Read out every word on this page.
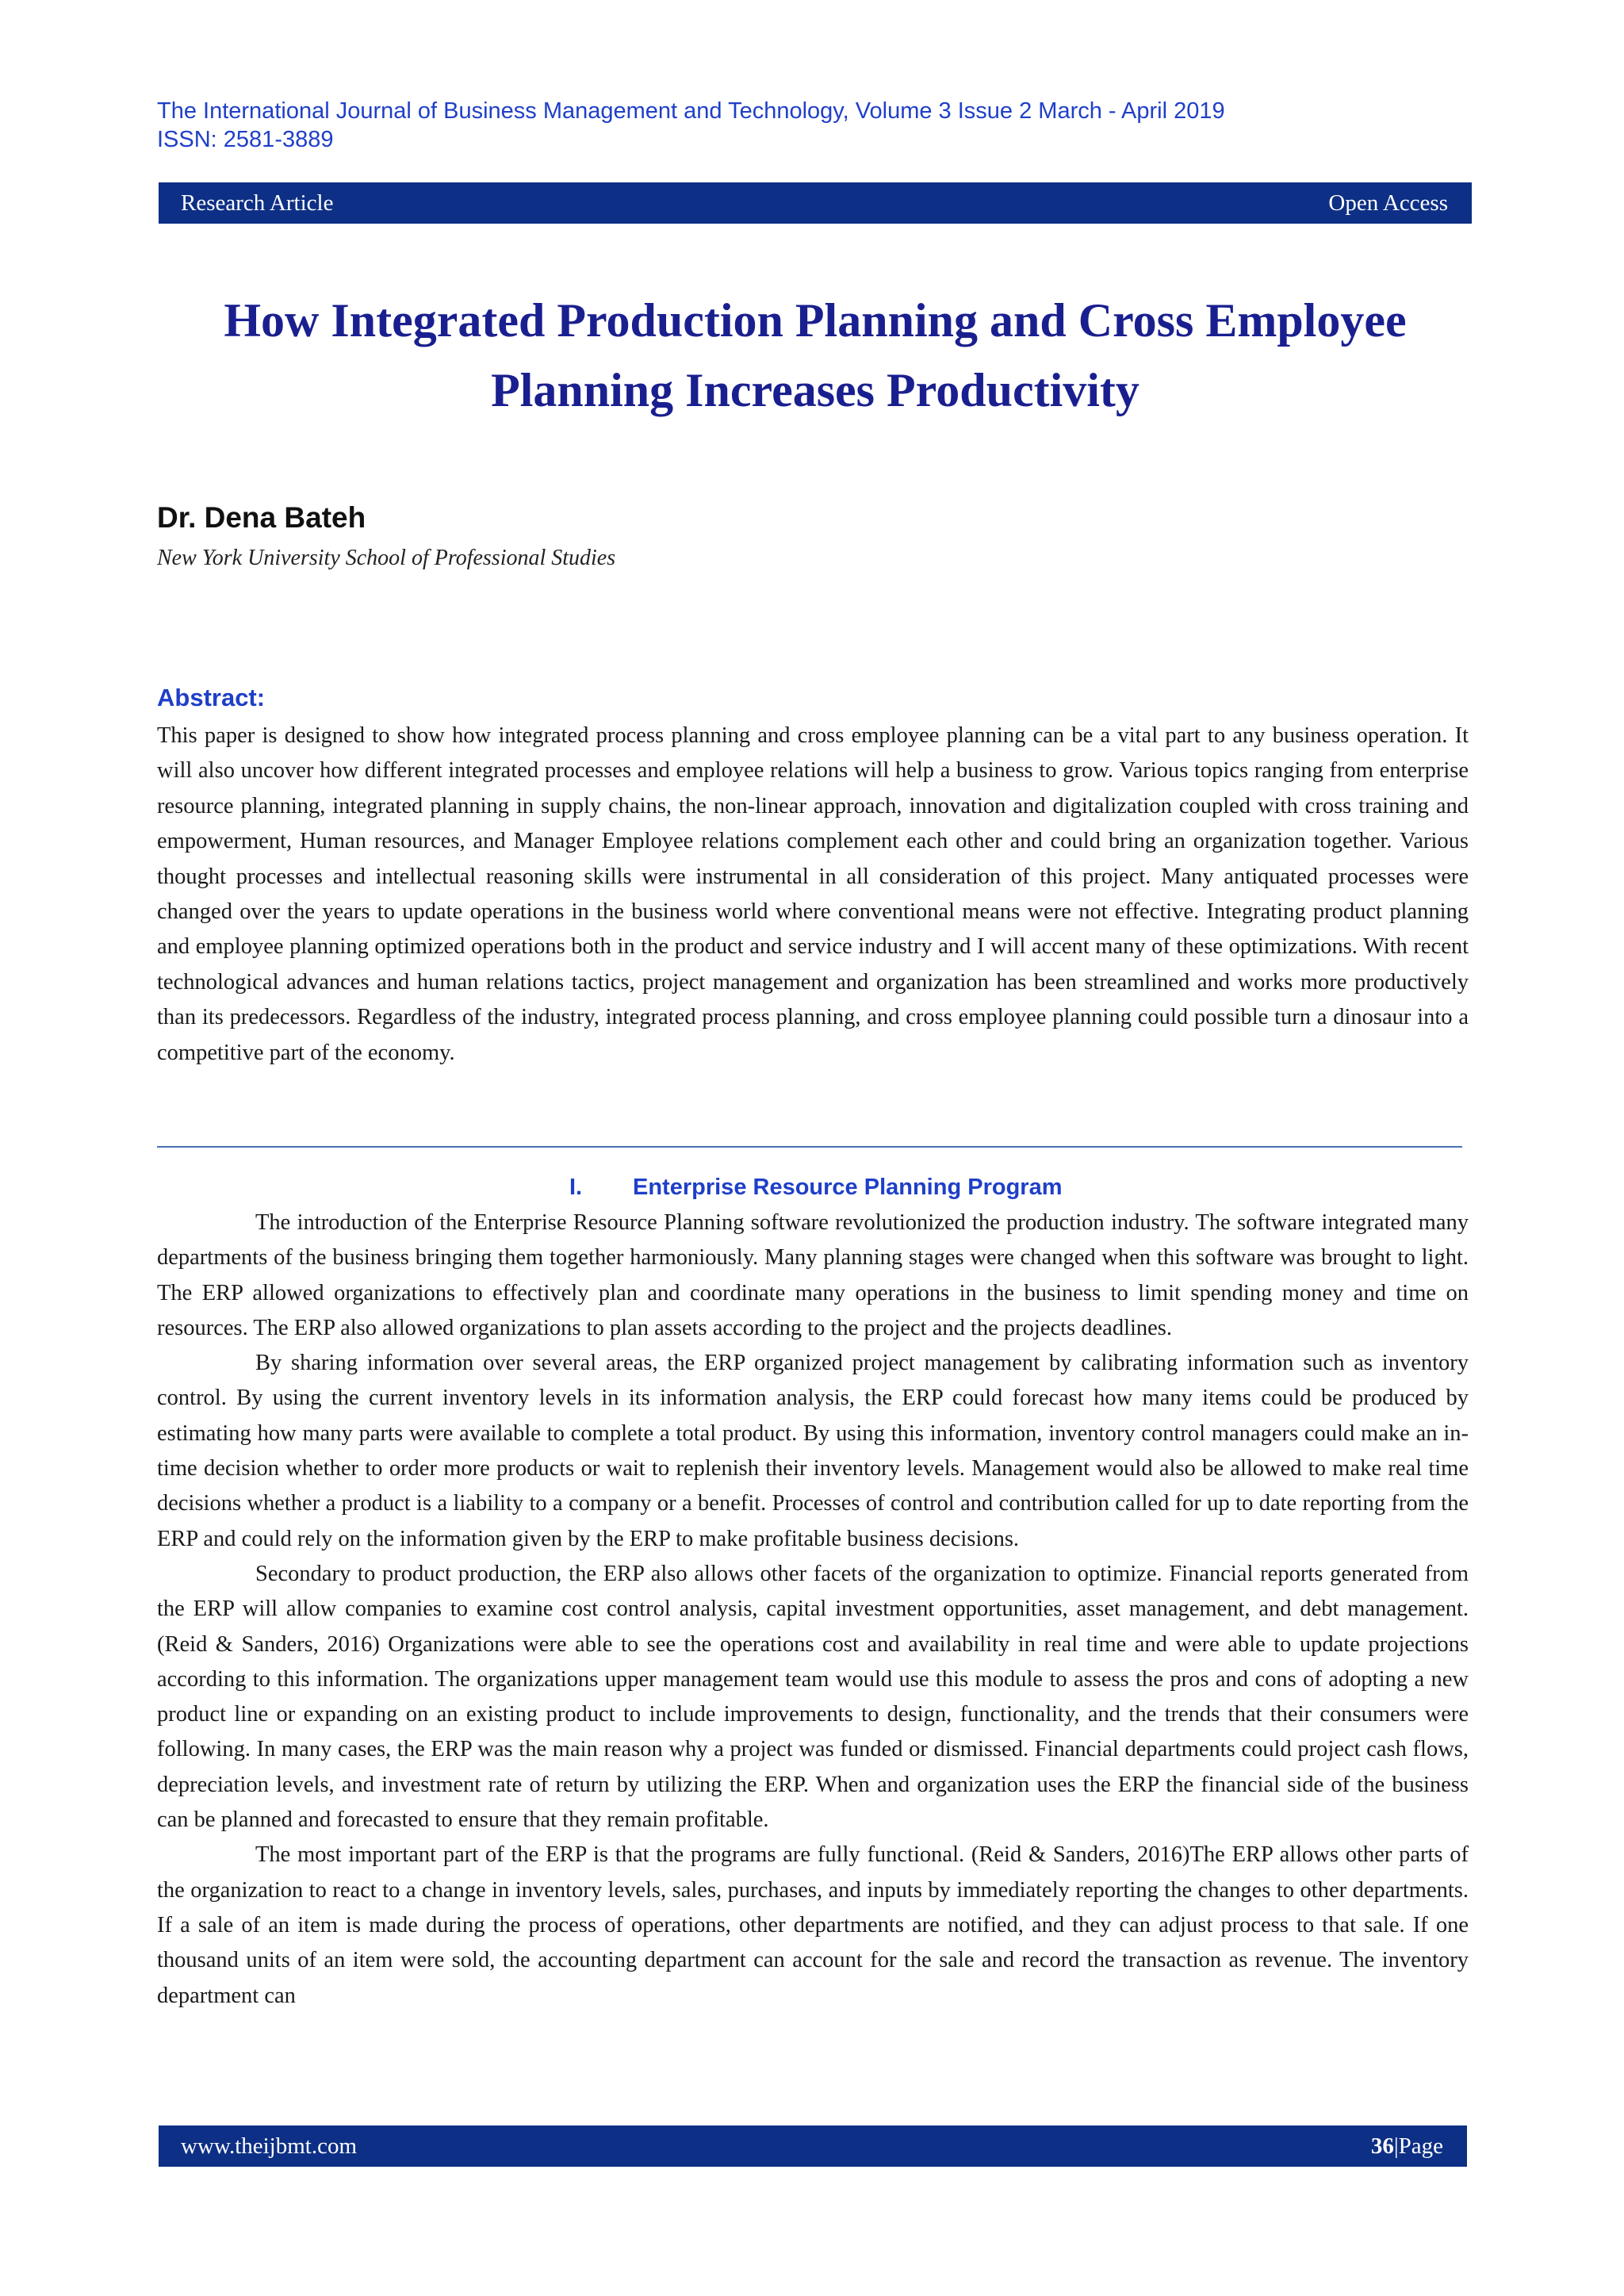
The International Journal of Business Management and Technology, Volume 3 Issue 2 March - April 2019
ISSN: 2581-3889
Research Article	Open Access
How Integrated Production Planning and Cross Employee
Planning Increases Productivity
Dr. Dena Bateh
New York University School of Professional Studies
Abstract:

This paper is designed to show how integrated process planning and cross employee planning can be a vital part to any business operation. It will also uncover how different integrated processes and employee relations will help a business to grow. Various topics ranging from enterprise resource planning, integrated planning in supply chains, the non-linear approach, innovation and digitalization coupled with cross training and empowerment, Human resources, and Manager Employee relations complement each other and could bring an organization together. Various thought processes and intellectual reasoning skills were instrumental in all consideration of this project. Many antiquated processes were changed over the years to update operations in the business world where conventional means were not effective. Integrating product planning and employee planning optimized operations both in the product and service industry and I will accent many of these optimizations. With recent technological advances and human relations tactics, project management and organization has been streamlined and works more productively than its predecessors. Regardless of the industry, integrated process planning, and cross employee planning could possible turn a dinosaur into a competitive part of the economy.

I. Enterprise Resource Planning Program

The introduction of the Enterprise Resource Planning software revolutionized the production industry. The software integrated many departments of the business bringing them together harmoniously. Many planning stages were changed when this software was brought to light. The ERP allowed organizations to effectively plan and coordinate many operations in the business to limit spending money and time on resources. The ERP also allowed organizations to plan assets according to the project and the projects deadlines.

By sharing information over several areas, the ERP organized project management by calibrating information such as inventory control. By using the current inventory levels in its information analysis, the ERP could forecast how many items could be produced by estimating how many parts were available to complete a total product. By using this information, inventory control managers could make an in-time decision whether to order more products or wait to replenish their inventory levels. Management would also be allowed to make real time decisions whether a product is a liability to a company or a benefit. Processes of control and contribution called for up to date reporting from the ERP and could rely on the information given by the ERP to make profitable business decisions.

Secondary to product production, the ERP also allows other facets of the organization to optimize. Financial reports generated from the ERP will allow companies to examine cost control analysis, capital investment opportunities, asset management, and debt management. (Reid & Sanders, 2016) Organizations were able to see the operations cost and availability in real time and were able to update projections according to this information. The organizations upper management team would use this module to assess the pros and cons of adopting a new product line or expanding on an existing product to include improvements to design, functionality, and the trends that their consumers were following. In many cases, the ERP was the main reason why a project was funded or dismissed. Financial departments could project cash flows, depreciation levels, and investment rate of return by utilizing the ERP. When and organization uses the ERP the financial side of the business can be planned and forecasted to ensure that they remain profitable.

The most important part of the ERP is that the programs are fully functional. (Reid & Sanders, 2016)The ERP allows other parts of the organization to react to a change in inventory levels, sales, purchases, and inputs by immediately reporting the changes to other departments. If a sale of an item is made during the process of operations, other departments are notified, and they can adjust process to that sale. If one thousand units of an item were sold, the accounting department can account for the sale and record the transaction as revenue. The inventory department can

www.theijbmt.com	36|Page
